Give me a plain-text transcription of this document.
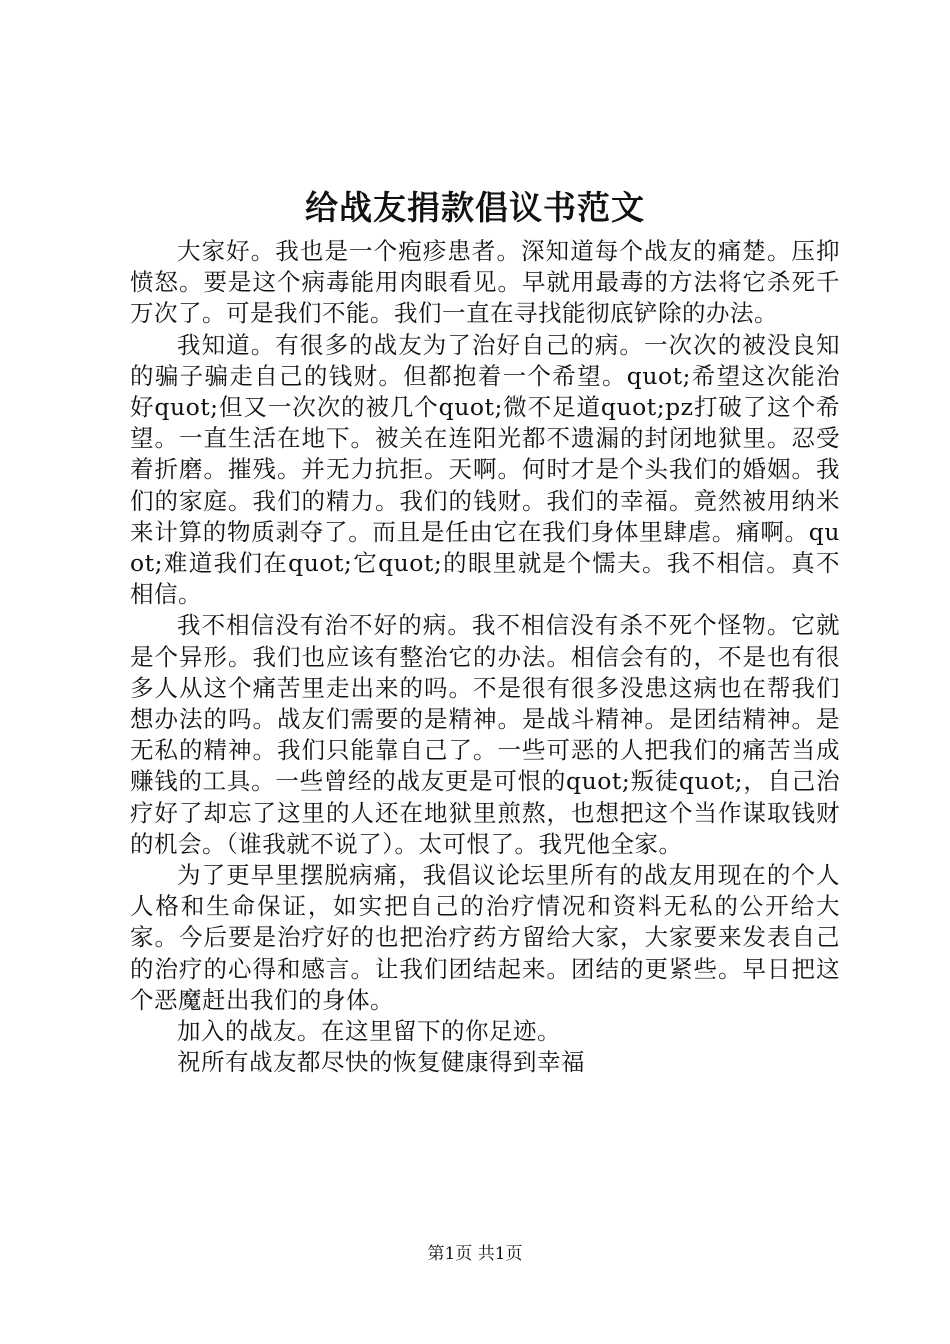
给战友捐款倡议书范文

大家好。我也是一个疱疹患者。深知道每个战友的痛楚。压抑愤怒。要是这个病毒能用肉眼看见。早就用最毒的方法将它杀死千万次了。可是我们不能。我们一直在寻找能彻底铲除的办法。

我知道。有很多的战友为了治好自己的病。一次次的被没良知的骗子骗走自己的钱财。但都抱着一个希望。quot;希望这次能治好quot;但又一次次的被几个quot;微不足道quot;pz打破了这个希望。一直生活在地下。被关在连阳光都不遗漏的封闭地狱里。忍受着折磨。摧残。并无力抗拒。天啊。何时才是个头我们的婚姻。我们的家庭。我们的精力。我们的钱财。我们的幸福。竟然被用纳米来计算的物质剥夺了。而且是任由它在我们身体里肆虐。痛啊。quot;难道我们在quot;它quot;的眼里就是个懦夫。我不相信。真不相信。

我不相信没有治不好的病。我不相信没有杀不死个怪物。它就是个异形。我们也应该有整治它的办法。相信会有的，不是也有很多人从这个痛苦里走出来的吗。不是很有很多没患这病也在帮我们想办法的吗。战友们需要的是精神。是战斗精神。是团结精神。是无私的精神。我们只能靠自己了。一些可恶的人把我们的痛苦当成赚钱的工具。一些曾经的战友更是可恨的quot;叛徒quot;，自己治疗好了却忘了这里的人还在地狱里煎熬，也想把这个当作谋取钱财的机会。（谁我就不说了）。太可恨了。我咒他全家。

为了更早里摆脱病痛，我倡议论坛里所有的战友用现在的个人人格和生命保证，如实把自己的治疗情况和资料无私的公开给大家。今后要是治疗好的也把治疗药方留给大家，大家要来发表自己的治疗的心得和感言。让我们团结起来。团结的更紧些。早日把这个恶魔赶出我们的身体。

加入的战友。在这里留下的你足迹。

祝所有战友都尽快的恢复健康得到幸福

第1页 共1页
